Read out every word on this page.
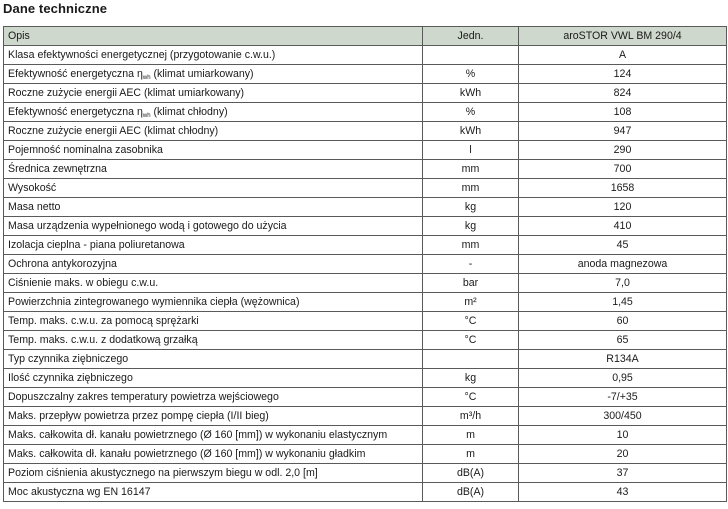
Dane techniczne
Opis	Jedn.	aroSTOR VWL BM 290/4
Klasa efektywności energetycznej (przygotowanie c.w.u.)		A
Efektywność energetyczna $\eta_{wh}$ (klimat umiarkowany)	%	124
Roczne zużycie energii AEC (klimat umiarkowany)	kWh	824
Efektywność energetyczna $\eta_{wh}$ (klimat chłodny)	%	108
Roczne zużycie energii AEC (klimat chłodny)	kWh	947
Pojemność nominalna zasobnika	l	290
Średnica zewnętrzna	mm	700
Wysokość	mm	1658
Masa netto	kg	120
Masa urządzenia wypełnionego wodą i gotowego do użycia	kg	410
Izolacja cieplna - piana poliuretanowa	mm	45
Ochrona antykorozyjna	-	anoda magnezowa
Ciśnienie maks. w obiegu c.w.u.	bar	7,0
Powierzchnia zintegrowanego wymiennika ciepła (wężownica)	m²	1,45
Temp. maks. c.w.u. za pomocą sprężarki	°C	60
Temp. maks. c.w.u. z dodatkową grzałką	°C	65
Typ czynnika ziębniczego		R134A
Ilość czynnika ziębniczego	kg	0,95
Dopuszczalny zakres temperatury powietrza wejściowego	°C	-7/+35
Maks. przepływ powietrza przez pompę ciepła (I/II bieg)	m³/h	300/450
Maks. całkowita dł. kanału powietrznego (Ø 160 [mm]) w wykonaniu elastycznym	m	10
Maks. całkowita dł. kanału powietrznego (Ø 160 [mm]) w wykonaniu gładkim	m	20
Poziom ciśnienia akustycznego na pierwszym biegu w odl. 2,0 [m]	dB(A)	37
Moc akustyczna wg EN 16147	dB(A)	43
